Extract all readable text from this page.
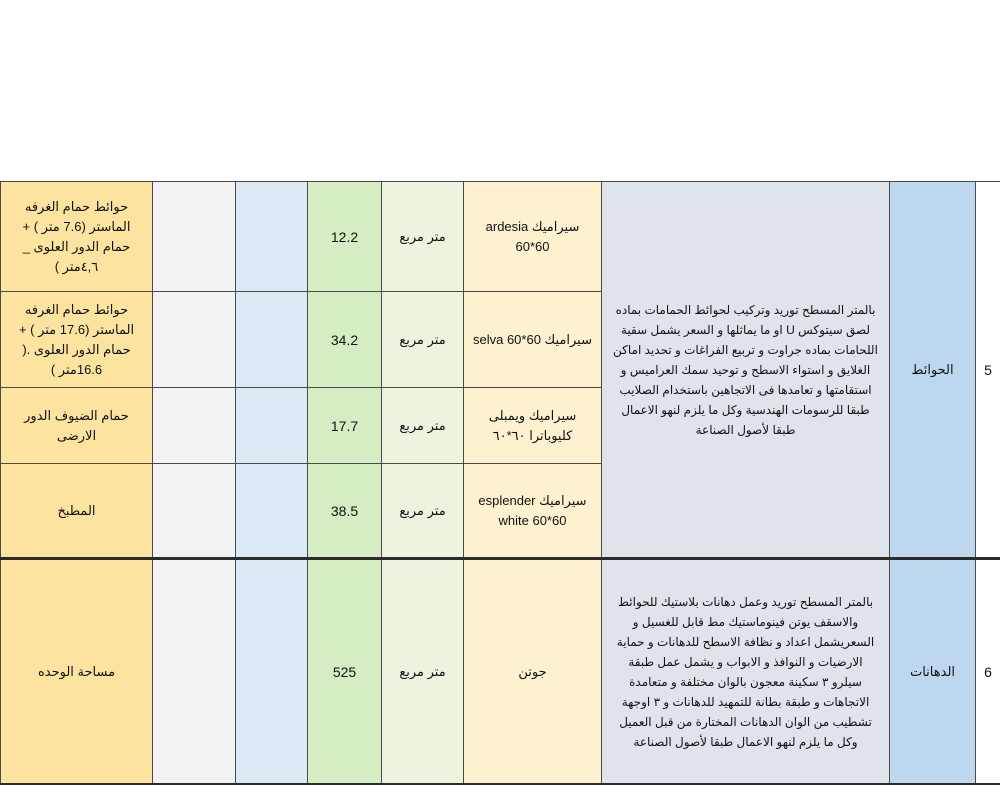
حوائط حمام الغرفه الماستر (7.6 متر ) + حمام الدور العلوى _ ٤,٦متر )			12.2	متر مربع	سيراميك ardesia 60*60	بالمتر المسطح توريد وتركيب لحوائط الحمامات بماده لصق سيتوكس U او ما يماثلها و السعر يشمل سقية اللحامات بماده جراوت و تربيع الفراغات و تحديد اماكن الغلايق و استواء الاسطح و توحيد سمك العراميس و استقامتها و تعامدها فى الاتجاهين باستخدام الصلايب طبقا للرسومات الهندسية وكل ما يلزم لنهو الاعمال طبقا لأصول الصناعة	الحوائط	5
حوائط حمام الغرفه الماستر (17.6 متر ) + حمام الدور العلوى .( 16.6متر )			34.2	متر مربع	سيراميك selva 60*60			
حمام الضيوف الدور الارضى			17.7	متر مربع	سيراميك ويمبلى كليوباترا ٦٠*٦٠			
المطبخ			38.5	متر مربع	سيراميك esplender white 60*60			
مساحة الوحده			525	متر مربع	جوتن	بالمتر المسطح توريد وعمل دهانات بلاستيك للحوائط والاسقف يوتن فينوماستيك مط قابل للغسيل و السعريشمل اعداد و نظافة الاسطح للدهانات و حماية الارضيات و النوافذ و الابواب و يشمل عمل طبقة سيلرو ٣ سكينة معجون بالوان مختلفة و متعامدة الاتجاهات و طبقة بطانة للتمهيد للدهانات و ٣ اوجهة تشطيب من الوان الدهانات المختارة من قبل العميل وكل ما يلزم لنهو الاعمال طبقا لأصول الصناعة	الدهانات	6
